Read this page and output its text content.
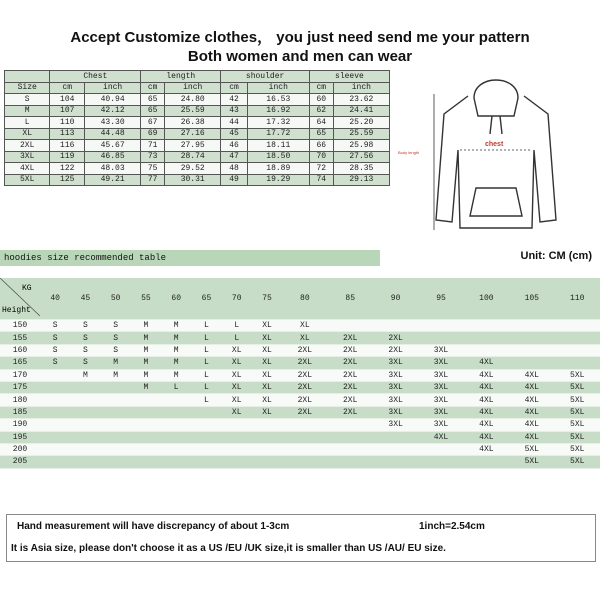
Accept Customize clothes， you just need send me your pattern
Both women and men can wear
	Chest		length		shoulder		sleeve	
Size	cm	inch	cm	inch	cm	inch	cm	inch
S	104	40.94	65	24.80	42	16.53	60	23.62
M	107	42.12	65	25.59	43	16.92	62	24.41
L	110	43.30	67	26.38	44	17.32	64	25.20
XL	113	44.48	69	27.16	45	17.72	65	25.59
2XL	116	45.67	71	27.95	46	18.11	66	25.98
3XL	119	46.85	73	28.74	47	18.50	70	27.56
4XL	122	48.03	75	29.52	48	18.89	72	28.35
5XL	125	49.21	77	30.31	49	19.29	74	29.13
chest
Body length
hoodies size recommended table	Unit: CM (cm)
KG
Height	40	45	50	55	60	65	70	75	80	85	90	95	100	105	110
150	S	S	S	M	M	L	L	XL	XL						
155	S	S	S	M	M	L	L	XL	XL	2XL	2XL				
160	S	S	S	M	M	L	XL	XL	2XL	2XL	2XL	3XL			
165	S	S	M	M	M	L	XL	XL	2XL	2XL	3XL	3XL	4XL		
170		M	M	M	M	L	XL	XL	2XL	2XL	3XL	3XL	4XL	4XL	5XL
175				M	L	L	XL	XL	2XL	2XL	3XL	3XL	4XL	4XL	5XL
180						L	XL	XL	2XL	2XL	3XL	3XL	4XL	4XL	5XL
185							XL	XL	2XL	2XL	3XL	3XL	4XL	4XL	5XL
190											3XL	3XL	4XL	4XL	5XL
195												4XL	4XL	4XL	5XL
200													4XL	5XL	5XL
205														5XL	5XL
Hand measurement will have discrepancy of about 1-3cm	1inch=2.54cm
It is Asia size, please don't choose it as a US /EU /UK size,it is smaller than US /AU/ EU size.
